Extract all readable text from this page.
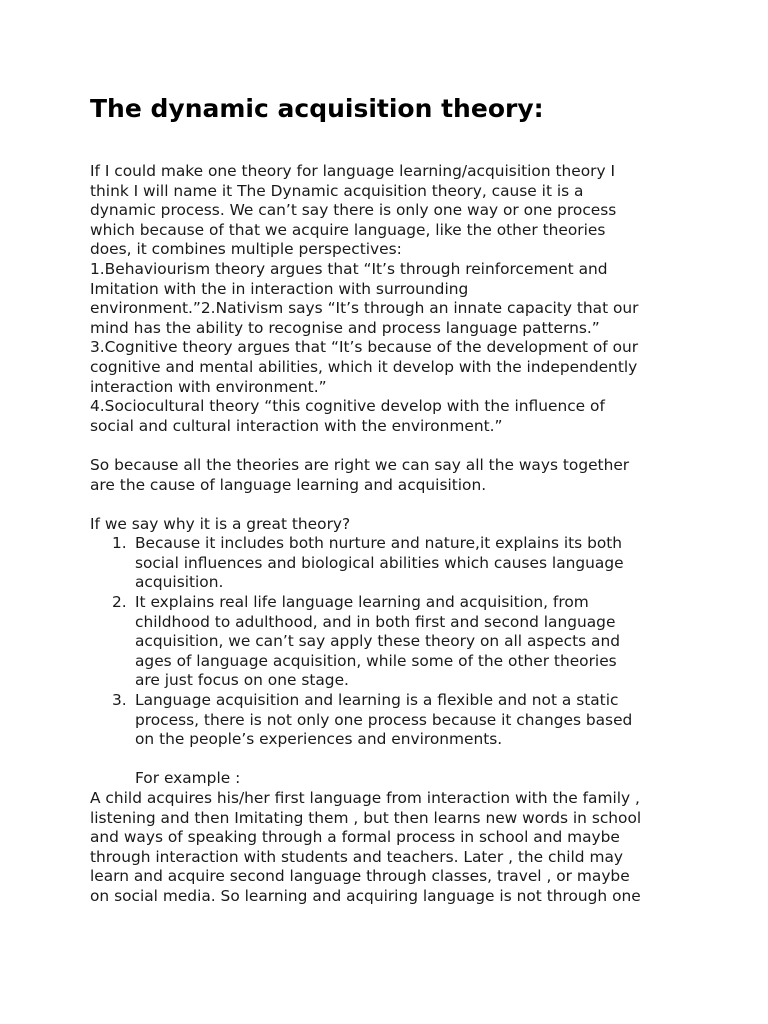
The dynamic acquisition theory:
If I could make one theory for language learning/acquisition theory I
think I will name it The Dynamic acquisition theory, cause it is a
dynamic process. We can’t say there is only one way or one process
which because of that we acquire language, like the other theories
does, it combines multiple perspectives:
1.Behaviourism theory argues that “It’s through reinforcement and
Imitation with the in interaction with surrounding
environment.”2.Nativism says “It’s through an innate capacity that our
mind has the ability to recognise and process language patterns.”
3.Cognitive theory argues that “It’s because of the development of our
cognitive and mental abilities, which it develop with the independently
interaction with environment.”
4.Sociocultural theory “this cognitive develop with the influence of
social and cultural interaction with the environment.”
So because all the theories are right we can say all the ways together
are the cause of language learning and acquisition.
If we say why it is a great theory?
1. Because it includes both nurture and nature,it explains its both
social influences and biological abilities which causes language
acquisition.
2. It explains real life language learning and acquisition, from
childhood to adulthood, and in both first and second language
acquisition, we can’t say apply these theory on all aspects and
ages of language acquisition, while some of the other theories
are just focus on one stage.
3. Language acquisition and learning is a flexible and not a static
process, there is not only one process because it changes based
on the people’s experiences and environments.
For example :
A child acquires his/her first language from interaction with the family ,
listening and then Imitating them , but then learns new words in school
and ways of speaking through a formal process in school and maybe
through interaction with students and teachers. Later , the child may
learn and acquire second language through classes, travel , or maybe
on social media. So learning and acquiring language is not through one
